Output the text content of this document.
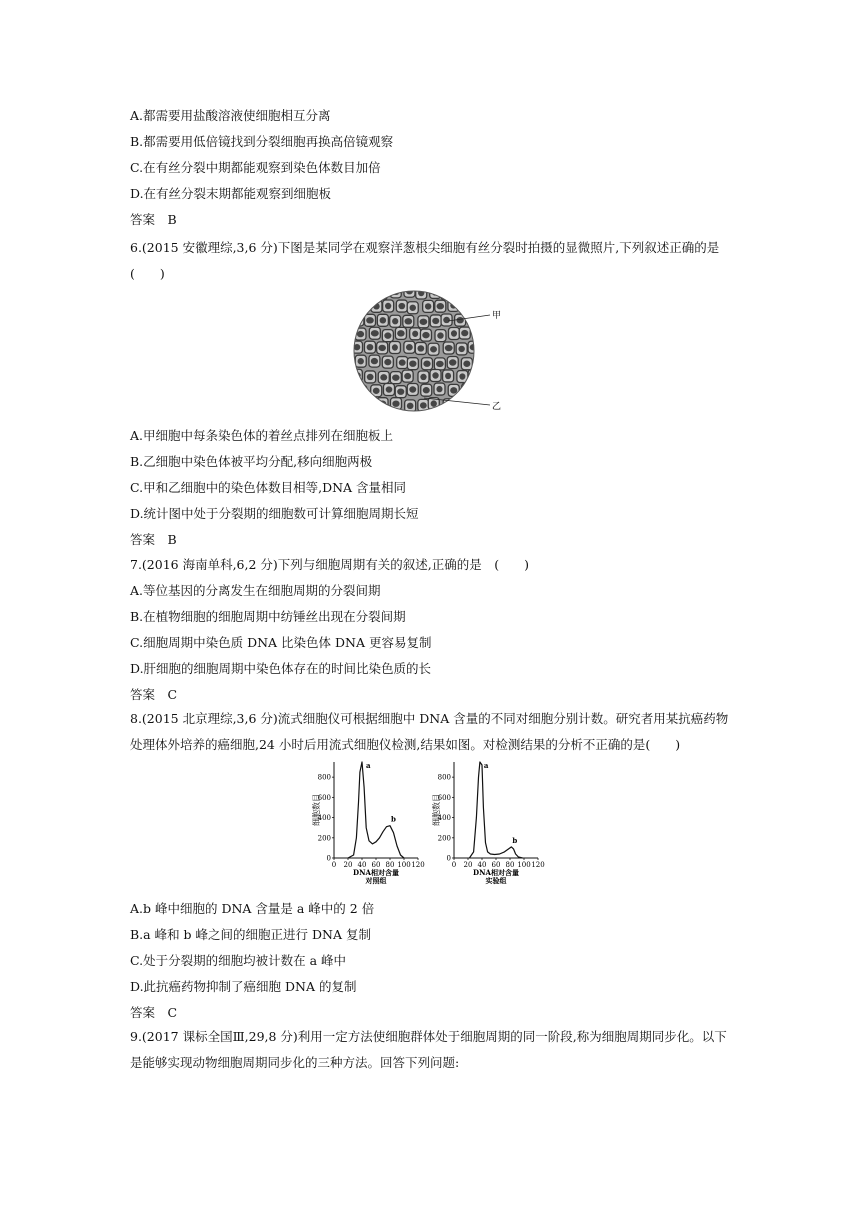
A.都需要用盐酸溶液使细胞相互分离
B.都需要用低倍镜找到分裂细胞再换高倍镜观察
C.在有丝分裂中期都能观察到染色体数目加倍
D.在有丝分裂末期都能观察到细胞板
答案　B
6.(2015 安徽理综,3,6 分)下图是某同学在观察洋葱根尖细胞有丝分裂时拍摄的显微照片,下列叙述正确的是(　　)
甲
乙
A.甲细胞中每条染色体的着丝点排列在细胞板上
B.乙细胞中染色体被平均分配,移向细胞两极
C.甲和乙细胞中的染色体数目相等,DNA 含量相同
D.统计图中处于分裂期的细胞数可计算细胞周期长短
答案　B
7.(2016 海南单科,6,2 分)下列与细胞周期有关的叙述,正确的是　(　　)
A.等位基因的分离发生在细胞周期的分裂间期
B.在植物细胞的细胞周期中纺锤丝出现在分裂间期
C.细胞周期中染色质 DNA 比染色体 DNA 更容易复制
D.肝细胞的细胞周期中染色体存在的时间比染色质的长
答案　C
8.(2015 北京理综,3,6 分)流式细胞仪可根据细胞中 DNA 含量的不同对细胞分别计数。研究者用某抗癌药物处理体外培养的癌细胞,24 小时后用流式细胞仪检测,结果如图。对检测结果的分析不正确的是(　　)
细胞数目
0
200
400
600
800
0 20 40 60 80 100 120
a
b
DNA相对含量
对照组
细胞数目
0
200
400
600
800
0 20 40 60 80 100 120
a
b
DNA相对含量
实验组
A.b 峰中细胞的 DNA 含量是 a 峰中的 2 倍
B.a 峰和 b 峰之间的细胞正进行 DNA 复制
C.处于分裂期的细胞均被计数在 a 峰中
D.此抗癌药物抑制了癌细胞 DNA 的复制
答案　C
9.(2017 课标全国Ⅲ,29,8 分)利用一定方法使细胞群体处于细胞周期的同一阶段,称为细胞周期同步化。以下是能够实现动物细胞周期同步化的三种方法。回答下列问题:
